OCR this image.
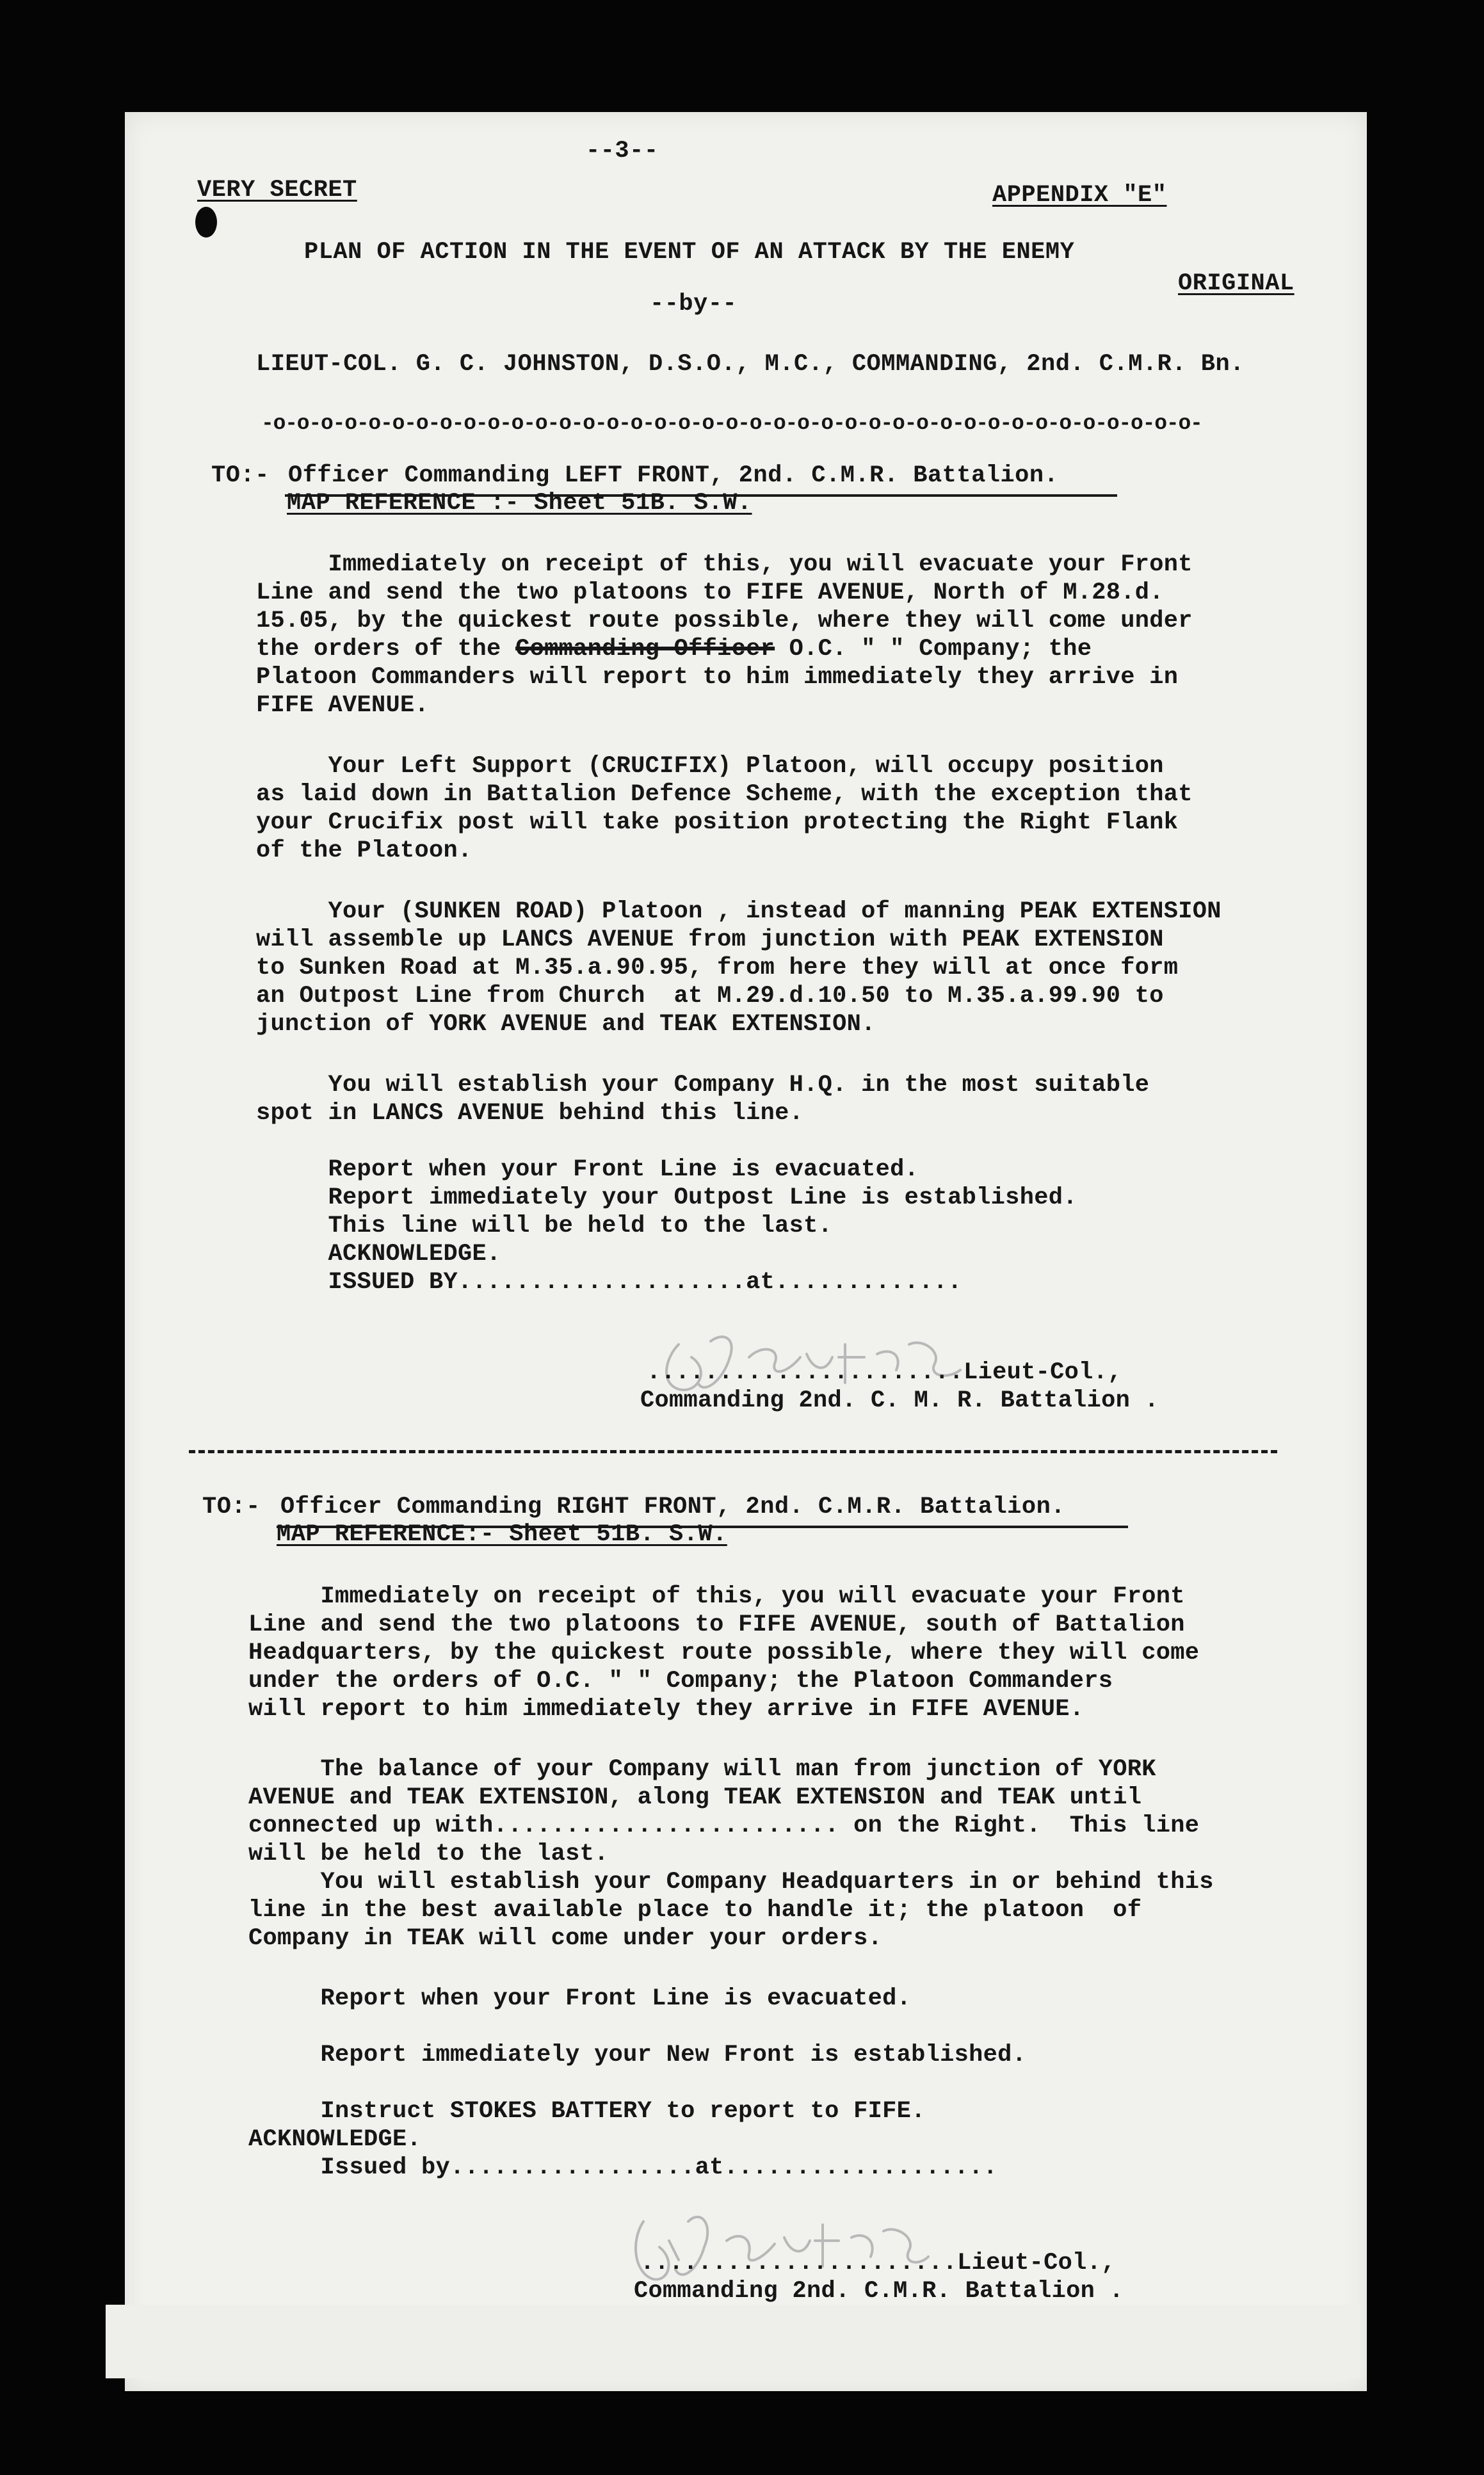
--3--
VERY SECRET	APPENDIX "E"
PLAN OF ACTION IN THE EVENT OF AN ATTACK BY THE ENEMY
ORIGINAL
--by--
LIEUT-COL. G. C. JOHNSTON, D.S.O., M.C., COMMANDING, 2nd. C.M.R. Bn.
-o-o-o-o-o-o-o-o-o-o-o-o-o-o-o-o-o-o-o-o-o-o-o-o-o-o-o-o-o-o-o-o-o-o-o-o-o-o-o-
TO:- Officer Commanding LEFT FRONT, 2nd. C.M.R. Battalion.
MAP REFERENCE :- Sheet 51B. S.W.
Immediately on receipt of this, you will evacuate your Front
Line and send the two platoons to FIFE AVENUE, North of M.28.d.
15.05, by the quickest route possible, where they will come under
the orders of the Commanding Officer O.C. " " Company; the
Platoon Commanders will report to him immediately they arrive in
FIFE AVENUE.
Your Left Support (CRUCIFIX) Platoon, will occupy position
as laid down in Battalion Defence Scheme, with the exception that
your Crucifix post will take position protecting the Right Flank
of the Platoon.
Your (SUNKEN ROAD) Platoon , instead of manning PEAK EXTENSION
will assemble up LANCS AVENUE from junction with PEAK EXTENSION
to Sunken Road at M.35.a.90.95, from here they will at once form
an Outpost Line from Church  at M.29.d.10.50 to M.35.a.99.90 to
junction of YORK AVENUE and TEAK EXTENSION.
You will establish your Company H.Q. in the most suitable
spot in LANCS AVENUE behind this line.
Report when your Front Line is evacuated.
Report immediately your Outpost Line is established.
This line will be held to the last.
ACKNOWLEDGE.
ISSUED BY....................at.............
......................Lieut-Col.,
Commanding 2nd. C. M. R. Battalion .
TO:- Officer Commanding RIGHT FRONT, 2nd. C.M.R. Battalion.
MAP REFERENCE:- Sheet 51B. S.W.
Immediately on receipt of this, you will evacuate your Front
Line and send the two platoons to FIFE AVENUE, south of Battalion
Headquarters, by the quickest route possible, where they will come
under the orders of O.C. " " Company; the Platoon Commanders
will report to him immediately they arrive in FIFE AVENUE.
The balance of your Company will man from junction of YORK
AVENUE and TEAK EXTENSION, along TEAK EXTENSION and TEAK until
connected up with........................ on the Right.  This line
will be held to the last.
You will establish your Company Headquarters in or behind this
line in the best available place to handle it; the platoon  of
Company in TEAK will come under your orders.
Report when your Front Line is evacuated.
Report immediately your New Front is established.
Instruct STOKES BATTERY to report to FIFE.
ACKNOWLEDGE.
Issued by.................at...................
......................Lieut-Col.,
Commanding 2nd. C.M.R. Battalion .
